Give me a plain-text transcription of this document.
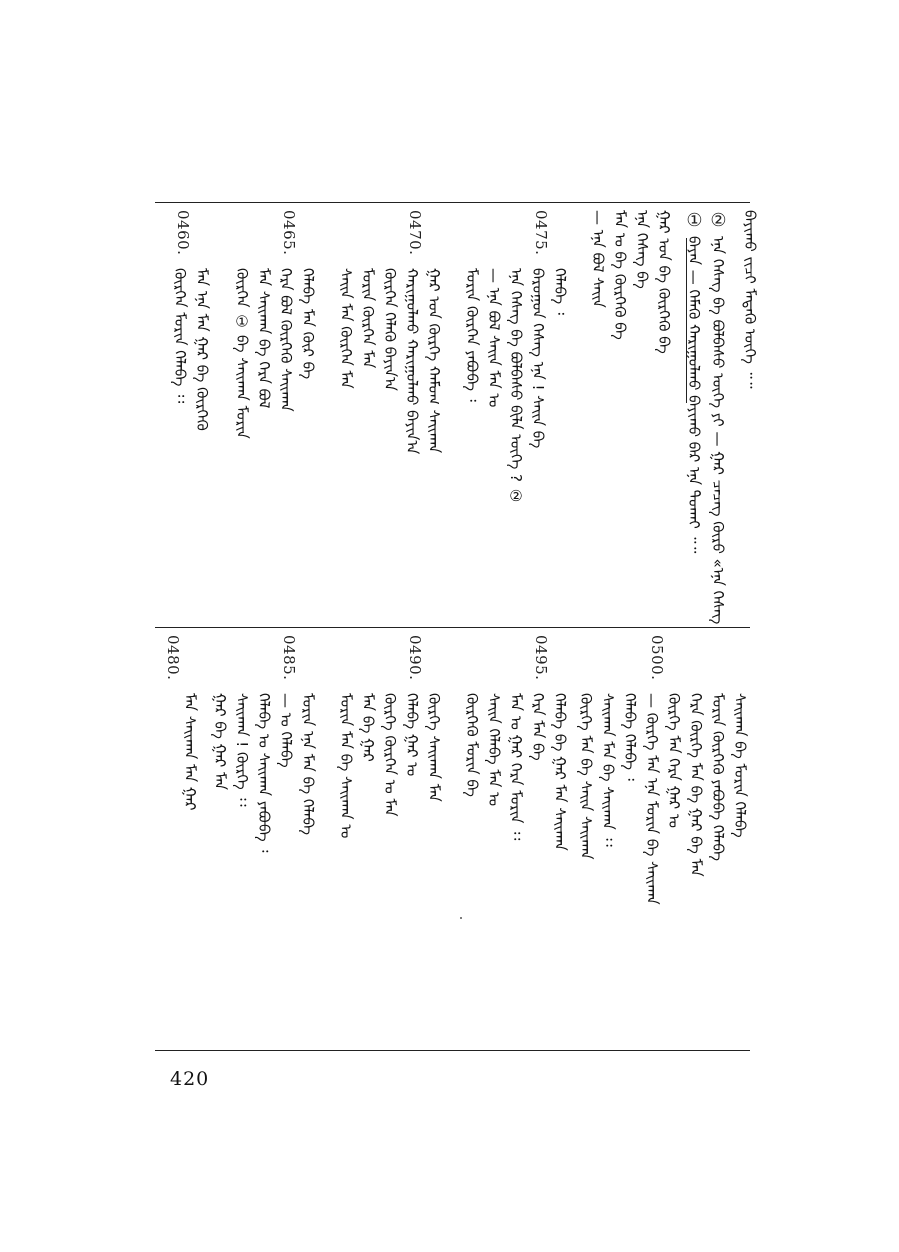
ᠪᠠᠶᠢᠬᠤ ᠵᠢᠴᠢ ᠮᠡᠳᠡᠬᠦ ᠦᠭᠡ ᠃᠃
②
ᠡᠨᠡ ᠬᠡᠰᠡᠭ ᠪᠡ ᠪᠣᠯᠪᠠᠰᠤ ᠦᠭᠡ ᠶᠢ — ᠭᠠᠷ ᠴᠡᠴᠡᠭ ᠬᠦᠷᠦ «ᠡᠨᠡ ᠬᠡᠰᠡᠭ
①
ᠪᠠᠶᠠᠨ — ᠬᠡᠮᠡᠬᠦ ᠬᠠᠷᠢᠭᠤᠯᠬᠤ ᠪᠠᠶᠢᠬᠤ ᠪᠠᠷ ᠡᠨᠡ ᠲᠤᠬᠠᠢ ᠃᠃
ᠭᠠᠷ ᠤᠨ ᠪᠠ ᠬᠦᠷᠭᠡᠬᠦ ᠪᠡ
ᠡᠨᠡ ᠬᠡᠰᠡᠭ ᠪᠡ
ᠮᠠᠨ ᠤ ᠪᠠ ᠬᠦᠷᠭᠡᠬᠦ ᠪᠡ
— ᠡᠨᠡ ᠪᠣᠯ ᠰᠠᠢᠨ
0475.
ᠬᠡᠯᠡᠪᠡ ᠄
ᠪᠠᠷᠤᠭᠤᠨ ᠬᠡᠰᠡᠭ ᠡᠨᠡ ! ᠰᠠᠢᠨ ᠪᠡ
ᠡᠨᠡ ᠬᠡᠰᠡᠭ ᠪᠡ ᠪᠣᠯᠪᠠᠰᠤ ᠪᠢᠯᠡ ᠦᠭᠡ ? ②
— ᠡᠨᠡ ᠪᠣᠯ ᠰᠠᠢᠨ ᠮᠠᠨ ᠤ
ᠮᠣᠷᠢᠨ ᠬᠦᠷᠭᠡᠨ ᠶᠠᠪᠤᠪᠠ ᠄
0470.
ᠭᠠᠷ ᠤᠨ ᠬᠦᠷᠭᠡ ᠬᠠᠮᠤᠭ ᠰᠠᠢᠬᠠᠨ
ᠬᠠᠷᠢᠭᠤᠯᠬᠤ ᠬᠠᠷᠢᠭᠤᠯᠬᠤ ᠪᠠᠶᠢᠨ᠎ᠠ
ᠬᠦᠷᠭᠡᠨ ᠬᠡᠯᠡᠬᠦ ᠪᠠᠶᠢᠨ᠎ᠠ
ᠮᠣᠷᠢᠨ ᠬᠦᠷᠭᠡᠨ ᠮᠠᠨ
ᠰᠠᠢᠨ ᠮᠠᠨ ᠬᠦᠷᠭᠡᠨ ᠮᠠᠨ
0465.
ᠬᠡᠯᠡᠪᠡ ᠮᠠᠨ ᠬᠦᠷ ᠪᠡ
ᠬᠡᠷᠡ ᠪᠣᠯ ᠬᠦᠷᠭᠡᠬᠦ ᠰᠠᠢᠬᠠᠨ
ᠮᠠᠨ ᠰᠠᠢᠬᠠᠨ ᠪᠡ ᠬᠡᠷᠡ ᠪᠣᠯ
ᠬᠦᠷᠭᠡᠨ ① ᠪᠡ ᠰᠠᠢᠬᠠᠨ ᠮᠣᠷᠢᠨ
0460.
ᠮᠠᠨ ᠡᠨᠡ ᠮᠠᠨ ᠭᠠᠷ ᠪᠡ ᠬᠦᠷᠭᠡᠬᠦ
ᠬᠦᠷᠭᠡᠨ ᠮᠣᠷᠢᠨ ᠬᠡᠯᠡᠪᠡ ᠄᠄
ᠰᠠᠢᠬᠠᠨ ᠪᠡ ᠮᠣᠷᠢᠨ ᠬᠡᠯᠡᠪᠡ
ᠮᠣᠷᠢᠨ ᠬᠦᠷᠭᠡᠬᠦ ᠶᠠᠪᠤᠪᠠ ᠬᠡᠯᠡᠪᠡ
ᠬᠡᠷᠡ ᠬᠦᠷᠭᠡ ᠮᠠᠨ ᠪᠡ ᠭᠠᠷ ᠪᠡ ᠮᠠᠨ
0500.
ᠬᠦᠷᠭᠡ ᠮᠠᠨ ᠬᠡᠷᠡ ᠭᠠᠷ ᠤ
— ᠬᠦᠷᠭᠡ ᠮᠠᠨ ᠡᠨᠡ ᠮᠣᠷᠢᠨ ᠪᠡ ᠰᠠᠢᠬᠠᠨ
ᠬᠡᠯᠡᠪᠡ ᠬᠡᠯᠡᠪᠡ ᠄
ᠰᠠᠢᠬᠠᠨ ᠮᠠᠨ ᠪᠡ ᠰᠠᠢᠬᠠᠨ ᠄᠄
ᠬᠦᠷᠭᠡ ᠮᠠᠨ ᠪᠡ ᠰᠠᠢᠨ ᠰᠠᠢᠬᠠᠨ
0495.
ᠬᠡᠯᠡᠪᠡ ᠪᠡ ᠭᠠᠷ ᠮᠠᠨ ᠰᠠᠢᠬᠠᠨ
ᠬᠡᠷᠡ ᠮᠠᠨ ᠪᠡ
ᠮᠠᠨ ᠤ ᠭᠠᠷ ᠬᠡᠷᠡ ᠮᠣᠷᠢᠨ ᠄᠄
ᠰᠠᠢᠨ ᠬᠡᠯᠡᠪᠡ ᠮᠠᠨ ᠤ
ᠬᠦᠷᠭᠡᠬᠦ ᠮᠣᠷᠢᠨ ᠪᠡ
0490.
ᠬᠦᠷᠭᠡ ᠰᠠᠢᠬᠠᠨ ᠮᠠᠨ
ᠬᠡᠯᠡᠪᠡ ᠭᠠᠷ ᠤ
ᠬᠦᠷᠭᠡ ᠬᠦᠷᠭᠡᠨ ᠤ ᠮᠠᠨ
ᠮᠠᠨ ᠪᠡ ᠭᠠᠷ
ᠮᠣᠷᠢᠨ ᠮᠠᠨ ᠪᠡ ᠰᠠᠢᠬᠠᠨ ᠤ
0485.
ᠮᠣᠷᠢᠨ ᠡᠨᠡ ᠮᠠᠨ ᠪᠡ ᠬᠡᠯᠡᠪᠡ
— ᠤ ᠬᠡᠯᠡᠪᠡ
ᠬᠡᠯᠡᠪᠡ ᠤ ᠰᠠᠢᠬᠠᠨ ᠶᠠᠪᠤᠪᠠ ᠄
ᠰᠠᠢᠬᠠᠨ ! ᠬᠦᠷᠭᠡ ᠄᠄
ᠭᠠᠷ ᠪᠡ ᠭᠠᠷ ᠮᠠᠨ
0480.
ᠮᠠᠨ ᠰᠠᠢᠬᠠᠨ ᠮᠠᠨ ᠭᠠᠷ
420
